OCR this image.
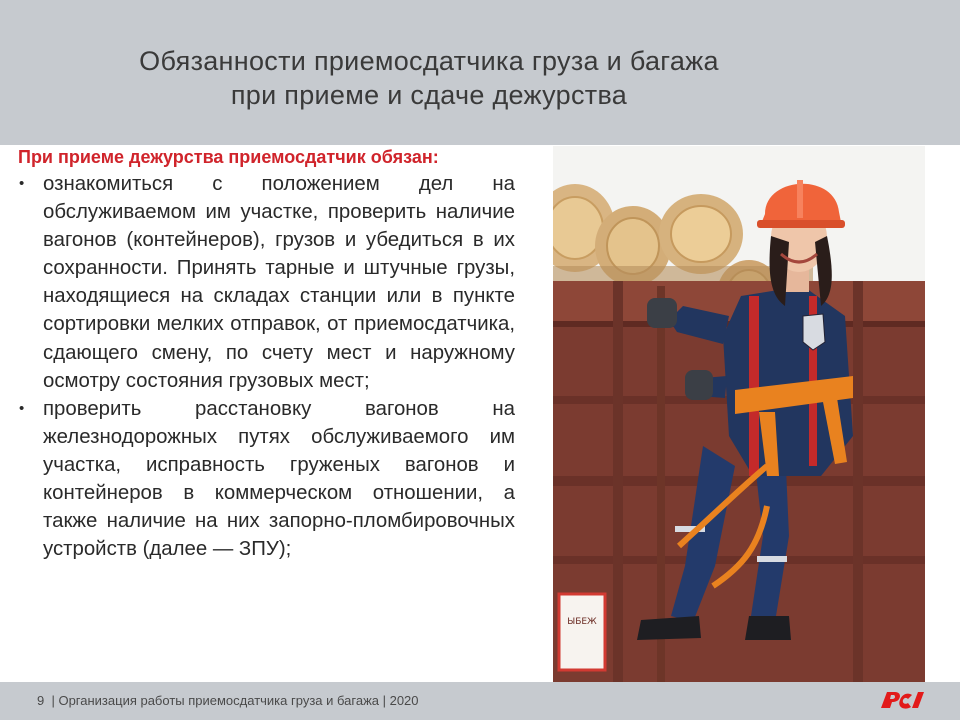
Обязанности приемосдатчика груза и багажа
при приеме и сдаче дежурства
При приеме дежурства приемосдатчик обязан:
• ознакомиться с положением дел на обслуживаемом им участке, проверить наличие вагонов (контейнеров), грузов и убедиться в их сохранности. Принять тарные и штучные грузы, находящиеся на складах станции или в пункте сортировки мелких отправок, от приемосдатчика, сдающего смену, по счету мест и наружному осмотру состояния грузовых мест;
• проверить расстановку вагонов на железнодорожных путях обслуживаемого им участка, исправность груженых вагонов и контейнеров в коммерческом отношении, а также наличие на них запорно-пломбировочных устройств (далее — ЗПУ);
ЫБЕЖ
9 | Организация работы приемосдатчика груза и багажа | 2020
